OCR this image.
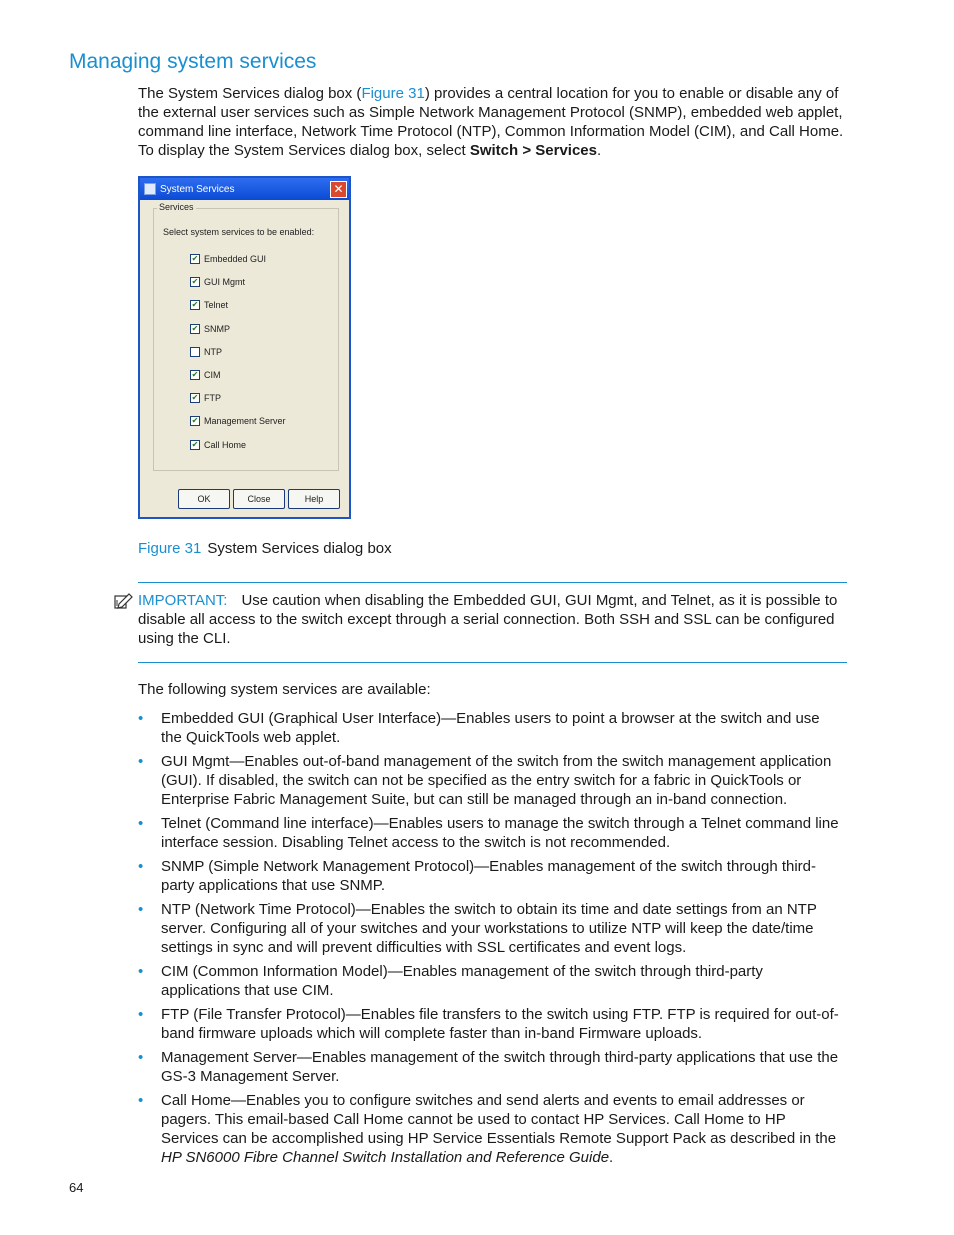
Managing system services

The System Services dialog box (Figure 31) provides a central location for you to enable or disable any of the external user services such as Simple Network Management Protocol (SNMP), embedded web applet, command line interface, Network Time Protocol (NTP), Common Information Model (CIM), and Call Home. To display the System Services dialog box, select Switch > Services.

System Services	✕
Services
Select system services to be enabled:
✔ Embedded GUI
✔ GUI Mgmt
✔ Telnet
✔ SNMP
NTP
✔ CIM
✔ FTP
✔ Management Server
✔ Call Home
OK	Close	Help

Figure 31 System Services dialog box

IMPORTANT: Use caution when disabling the Embedded GUI, GUI Mgmt, and Telnet, as it is possible to disable all access to the switch except through a serial connection. Both SSH and SSL can be configured using the CLI.

The following system services are available:

• Embedded GUI (Graphical User Interface)—Enables users to point a browser at the switch and use the QuickTools web applet.
• GUI Mgmt—Enables out-of-band management of the switch from the switch management application (GUI). If disabled, the switch can not be specified as the entry switch for a fabric in QuickTools or Enterprise Fabric Management Suite, but can still be managed through an in-band connection.
• Telnet (Command line interface)—Enables users to manage the switch through a Telnet command line interface session. Disabling Telnet access to the switch is not recommended.
• SNMP (Simple Network Management Protocol)—Enables management of the switch through third-party applications that use SNMP.
• NTP (Network Time Protocol)—Enables the switch to obtain its time and date settings from an NTP server. Configuring all of your switches and your workstations to utilize NTP will keep the date/time settings in sync and will prevent difficulties with SSL certificates and event logs.
• CIM (Common Information Model)—Enables management of the switch through third-party applications that use CIM.
• FTP (File Transfer Protocol)—Enables file transfers to the switch using FTP. FTP is required for out-of-band firmware uploads which will complete faster than in-band Firmware uploads.
• Management Server—Enables management of the switch through third-party applications that use the GS-3 Management Server.
• Call Home—Enables you to configure switches and send alerts and events to email addresses or pagers. This email-based Call Home cannot be used to contact HP Services. Call Home to HP Services can be accomplished using HP Service Essentials Remote Support Pack as described in the HP SN6000 Fibre Channel Switch Installation and Reference Guide.

64
